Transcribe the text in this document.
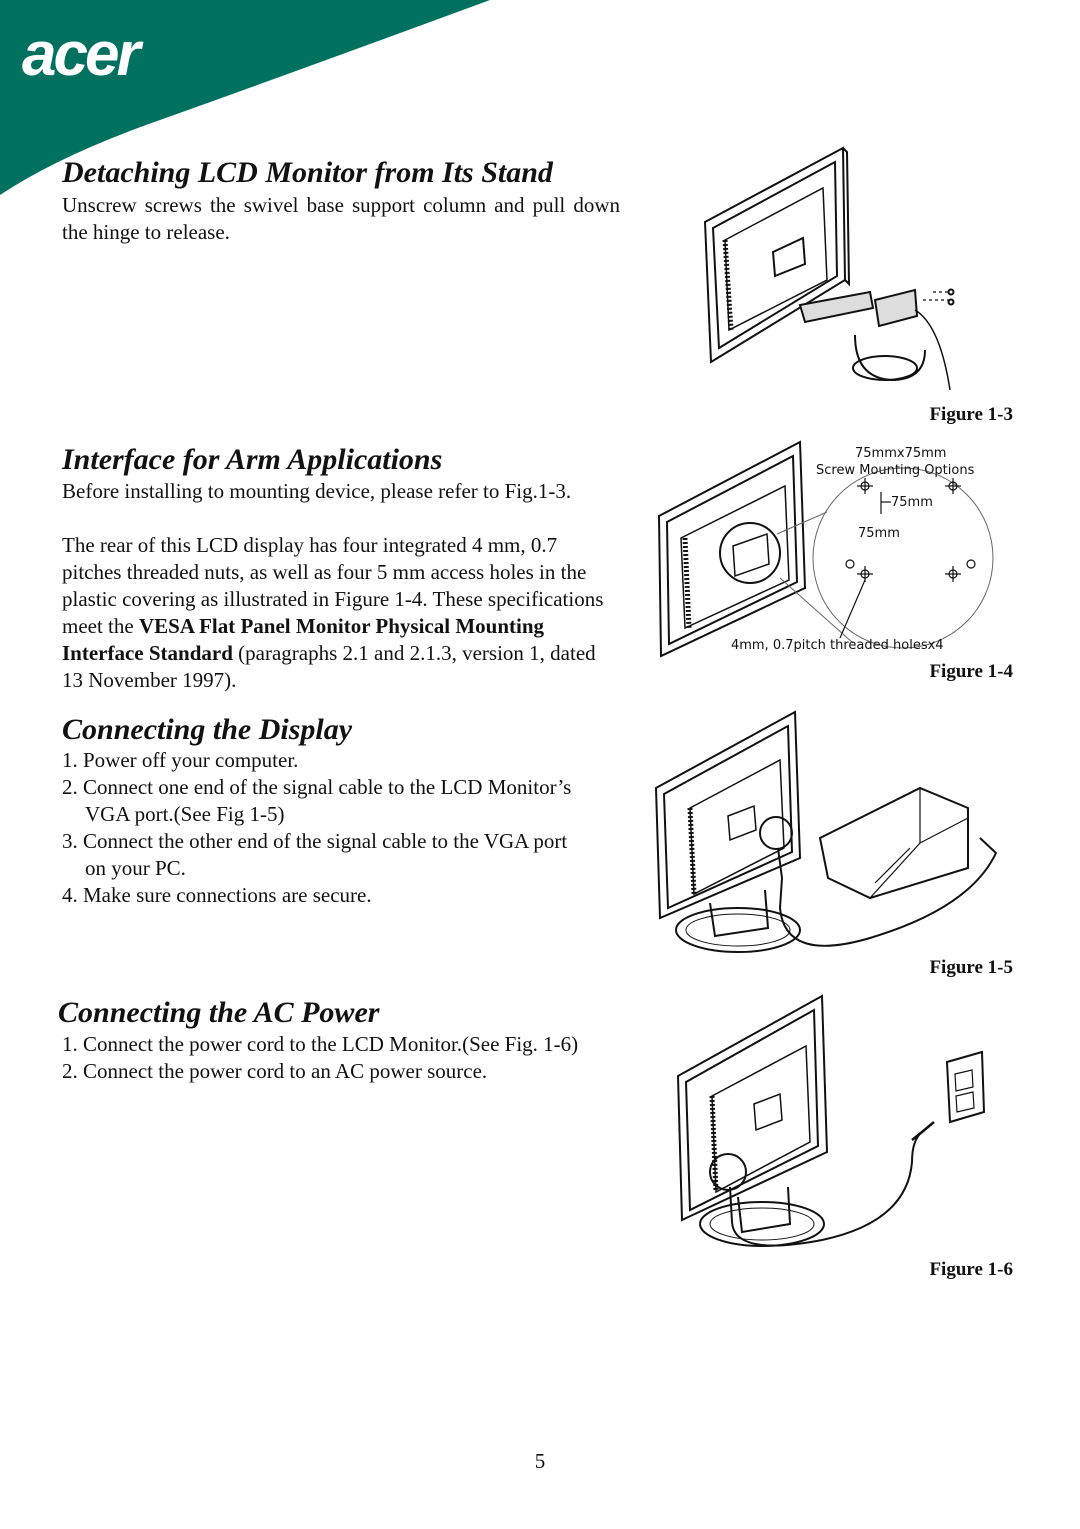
acer
Detaching LCD Monitor from Its Stand

Unscrew screws the swivel base support column and pull down the hinge to release.

Interface for Arm Applications

Before installing to mounting device, please refer to Fig.1-3.

The rear of this LCD display has four integrated 4 mm, 0.7 pitches threaded nuts, as well as four 5 mm access holes in the plastic covering as illustrated in Figure 1-4. These specifications meet the VESA Flat Panel Monitor Physical Mounting Interface Standard (paragraphs 2.1 and 2.1.3, version 1, dated 13 November 1997).

Connecting the Display
1. Power off your computer.
2. Connect one end of the signal cable to the LCD Monitor’s VGA port.(See Fig 1-5)
3. Connect the other end of the signal cable to the VGA port on your PC.
4. Make sure connections are secure.
Connecting the AC Power
1. Connect the power cord to the LCD Monitor.(See Fig. 1-6)
2. Connect the power cord to an AC power source.
Figure 1-3
75mmx75mm
Screw Mounting Options
75mm
75mm
4mm, 0.7pitch threaded holesx4
Figure 1-4
Figure 1-5
Figure 1-6
5
